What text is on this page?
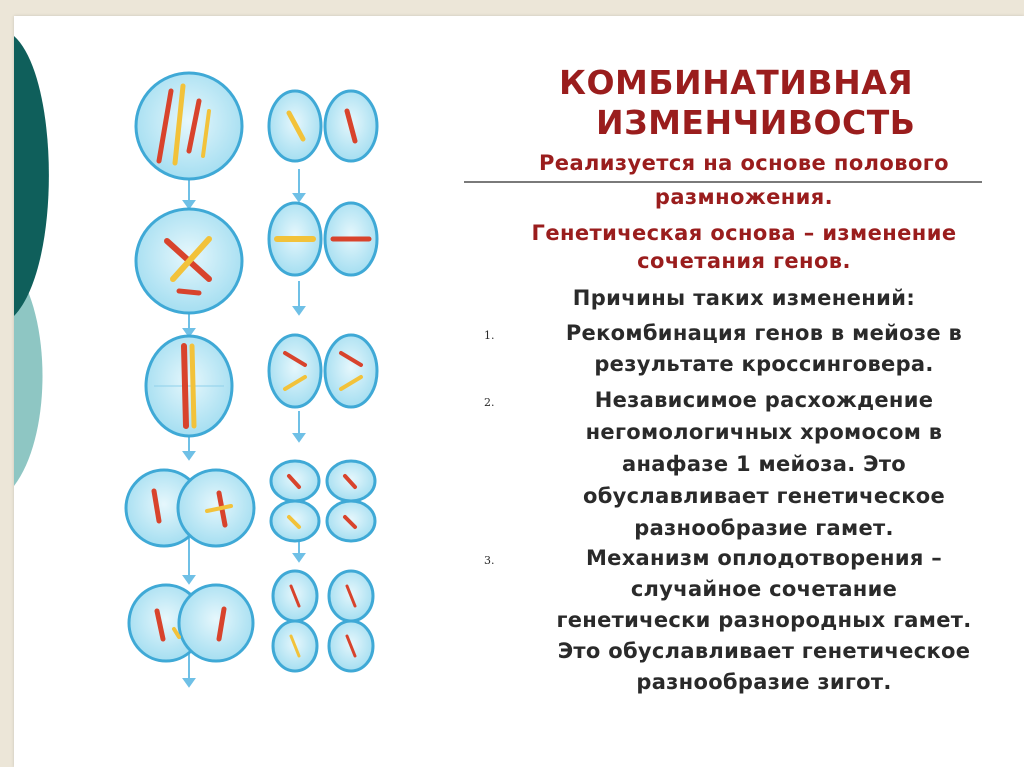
КОМБИНАТИВНАЯ
ИЗМЕНЧИВОСТЬ

Реализуется на основе полового

размножения.

Генетическая основа – изменение

сочетания генов.

Причины таких изменений:
1.	Рекомбинация генов в мейозе в
результате кроссинговера.
2.	Независимое расхождение
негомологичных хромосом в
анафазе 1 мейоза. Это
обуславливает генетическое
разнообразие гамет.
3.	Механизм оплодотворения –
случайное сочетание
генетически разнородных гамет.
Это обуславливает генетическое
разнообразие зигот.
